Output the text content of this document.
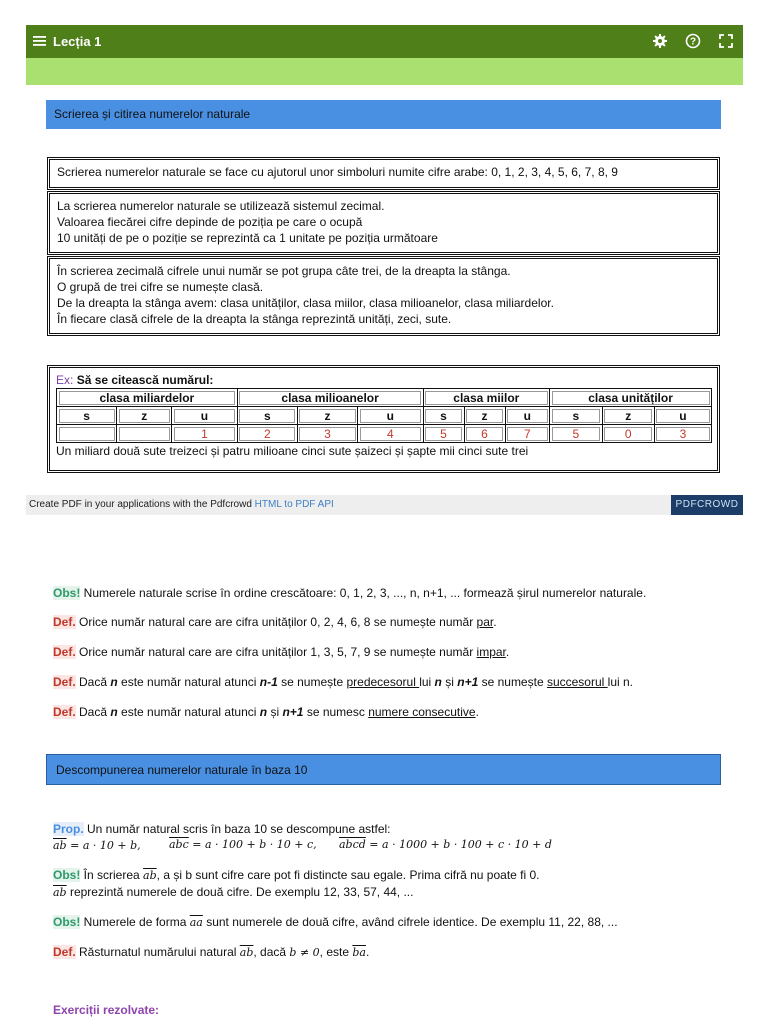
Lecția 1	?
Scrierea și citirea numerelor naturale
Scrierea numerelor naturale se face cu ajutorul unor simboluri numite cifre arabe: 0, 1, 2, 3, 4, 5, 6, 7, 8, 9
La scrierea numerelor naturale se utilizează sistemul zecimal.
Valoarea fiecărei cifre depinde de poziția pe care o ocupă
10 unități de pe o poziție se reprezintă ca 1 unitate pe poziția următoare
În scrierea zecimală cifrele unui număr se pot grupa câte trei, de la dreapta la stânga.
O grupă de trei cifre se numește clasă.
De la dreapta la stânga avem: clasa unităților, clasa miilor, clasa milioanelor, clasa miliardelor.
În fiecare clasă cifrele de la dreapta la stânga reprezintă unități, zeci, sute.
Ex: Să se citească numărul:
clasa miliardelor			clasa milioanelor			clasa miilor			clasa unităților		
s	z	u	s	z	u	s	z	u	s	z	u
		1	2	3	4	5	6	7	5	0	3
Un miliard două sute treizeci și patru milioane cinci sute șaizeci și șapte mii cinci sute trei
Create PDF in your applications with the Pdfcrowd HTML to PDF API	PDFCROWD
Obs! Numerele naturale scrise în ordine crescătoare: 0, 1, 2, 3, ..., n, n+1, ... formează șirul numerelor naturale.
Def. Orice număr natural care are cifra unităților 0, 2, 4, 6, 8 se numește număr par.
Def. Orice număr natural care are cifra unităților 1, 3, 5, 7, 9 se numește număr impar.
Def. Dacă n este număr natural atunci n-1 se numește predecesorul lui n și n+1 se numește succesorul lui n.
Def. Dacă n este număr natural atunci n și n+1 se numesc numere consecutive.
Descompunerea numerelor naturale în baza 10
Prop. Un număr natural scris în baza 10 se descompune astfel:
$\overline{ab} = a \cdot 10 + b$,	$\overline{abc} = a \cdot 100 + b \cdot 10 + c$, abcd = a · 1000 + b · 100 + c · 10 + d
Obs! În scrierea $\overline{ab}$, a și b sunt cifre care pot fi distincte sau egale. Prima cifră nu poate fi 0.
$\overline{ab}$ reprezintă numerele de două cifre. De exemplu 12, 33, 57, 44, ...
Obs! Numerele de forma $\overline{aa}$ sunt numerele de două cifre, având cifrele identice. De exemplu 11, 22, 88, ...
Def. Răsturnatul numărului natural $\overline{ab}$, dacă b ≠ 0, este $\overline{ba}$.
Exerciții rezolvate:
